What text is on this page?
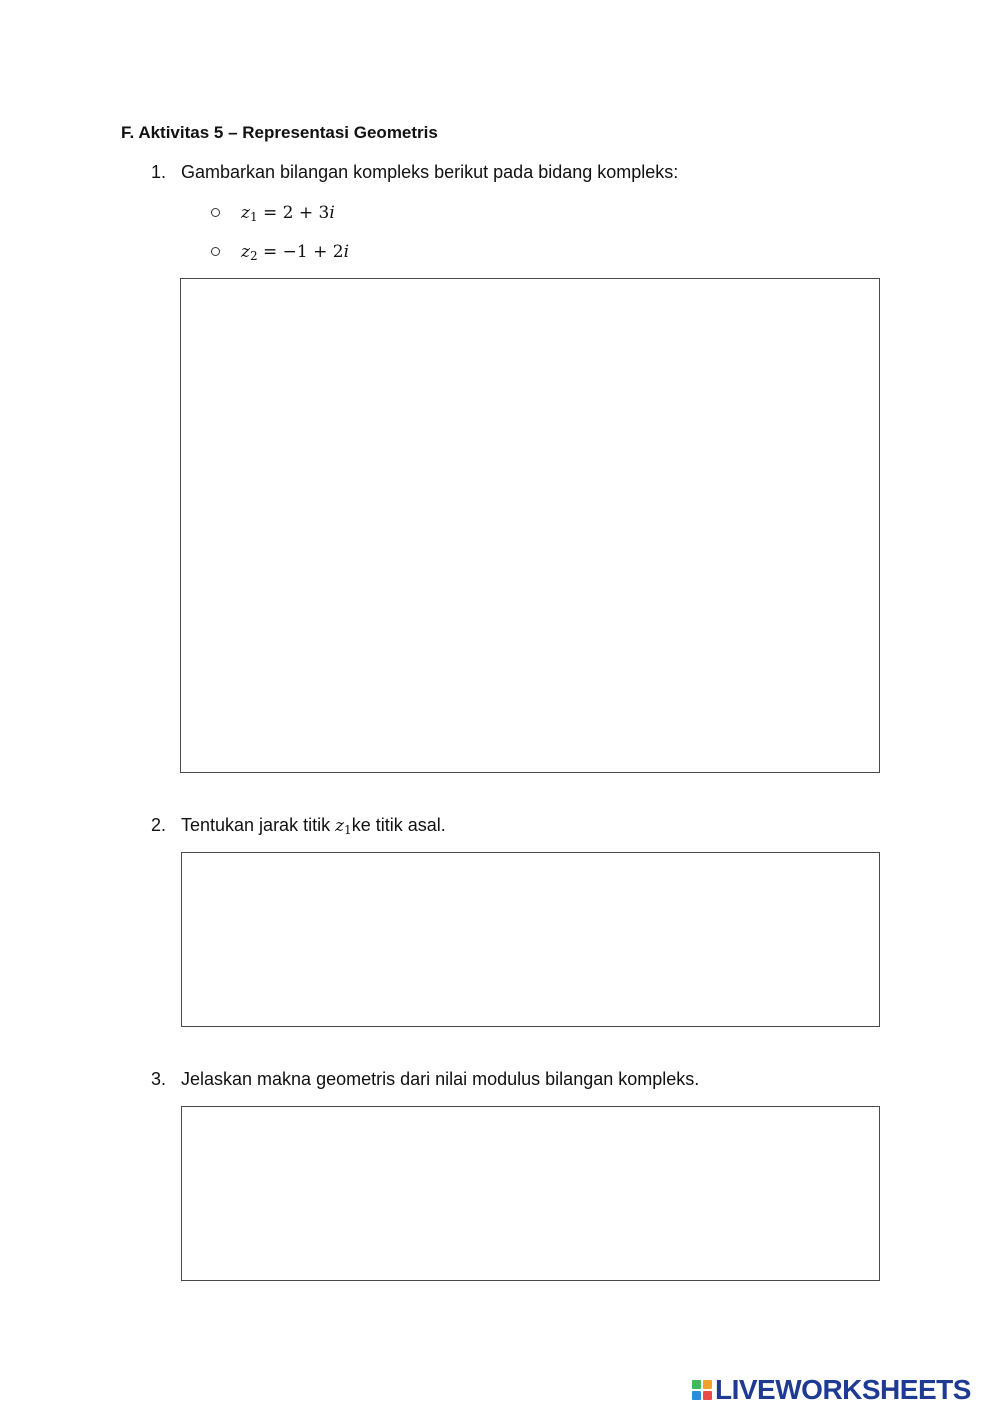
F. Aktivitas 5 – Representasi Geometris
1. Gambarkan bilangan kompleks berikut pada bidang kompleks:
$z_1 = 2 + 3i$
$z_2 = -1 + 2i$
2. Tentukan jarak titik $z_1ke$ titik asal.
3. Jelaskan makna geometris dari nilai modulus bilangan kompleks.
LIVEWORKSHEETS
